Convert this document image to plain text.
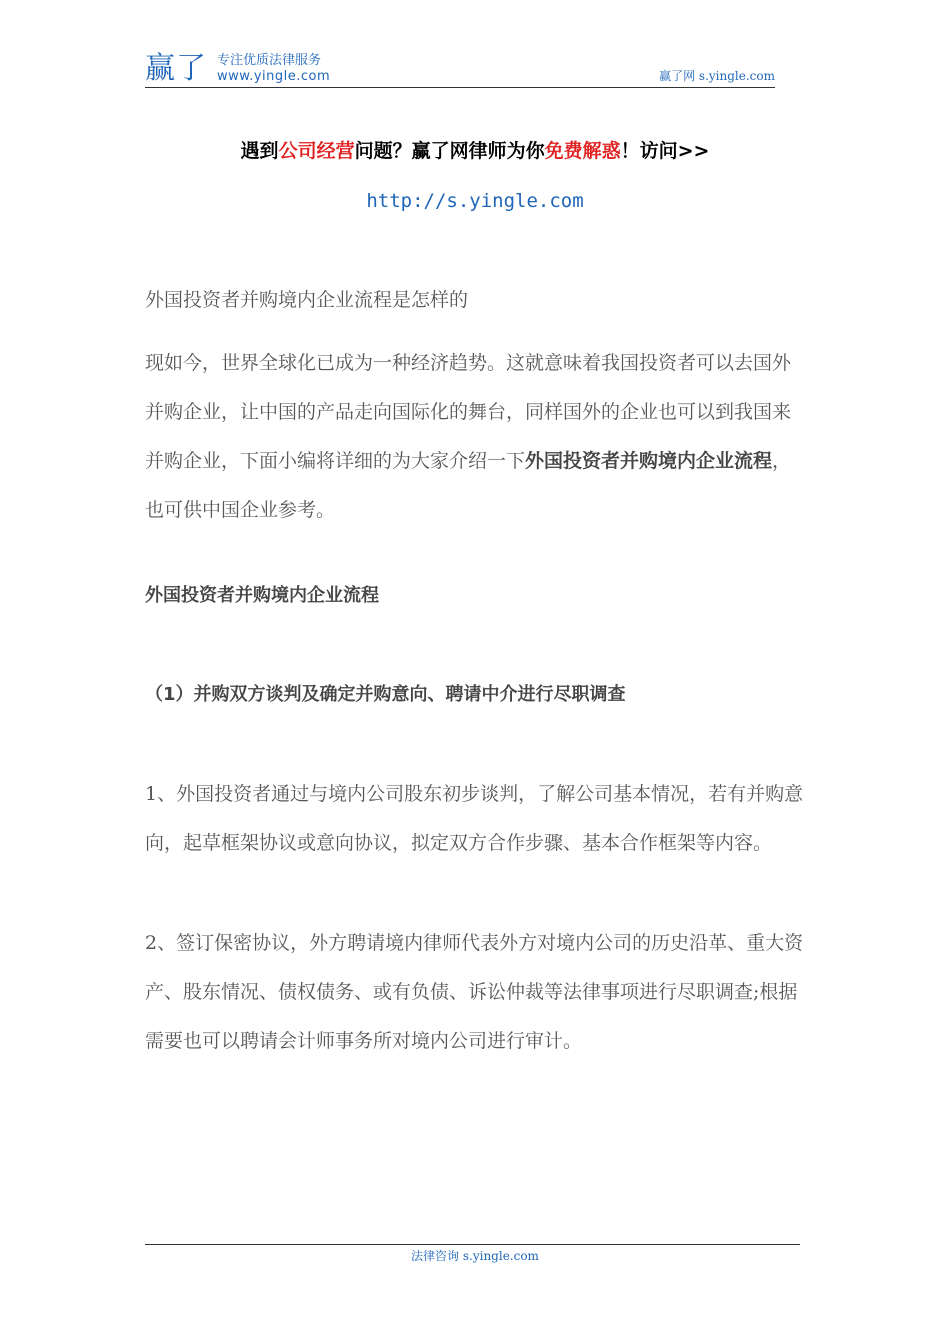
赢了 专注优质法律服务
www.yingle.com	赢了网 s.yingle.com
遇到公司经营问题？赢了网律师为你免费解惑！访问>>
http://s.yingle.com

外国投资者并购境内企业流程是怎样的

现如今，世界全球化已成为一种经济趋势。这就意味着我国投资者可以去国外并购企业，让中国的产品走向国际化的舞台，同样国外的企业也可以到我国来并购企业，下面小编将详细的为大家介绍一下外国投资者并购境内企业流程，也可供中国企业参考。

外国投资者并购境内企业流程

（1）并购双方谈判及确定并购意向、聘请中介进行尽职调查

1、外国投资者通过与境内公司股东初步谈判，了解公司基本情况，若有并购意向，起草框架协议或意向协议，拟定双方合作步骤、基本合作框架等内容。

2、签订保密协议，外方聘请境内律师代表外方对境内公司的历史沿革、重大资产、股东情况、债权债务、或有负债、诉讼仲裁等法律事项进行尽职调查;根据需要也可以聘请会计师事务所对境内公司进行审计。

法律咨询 s.yingle.com
